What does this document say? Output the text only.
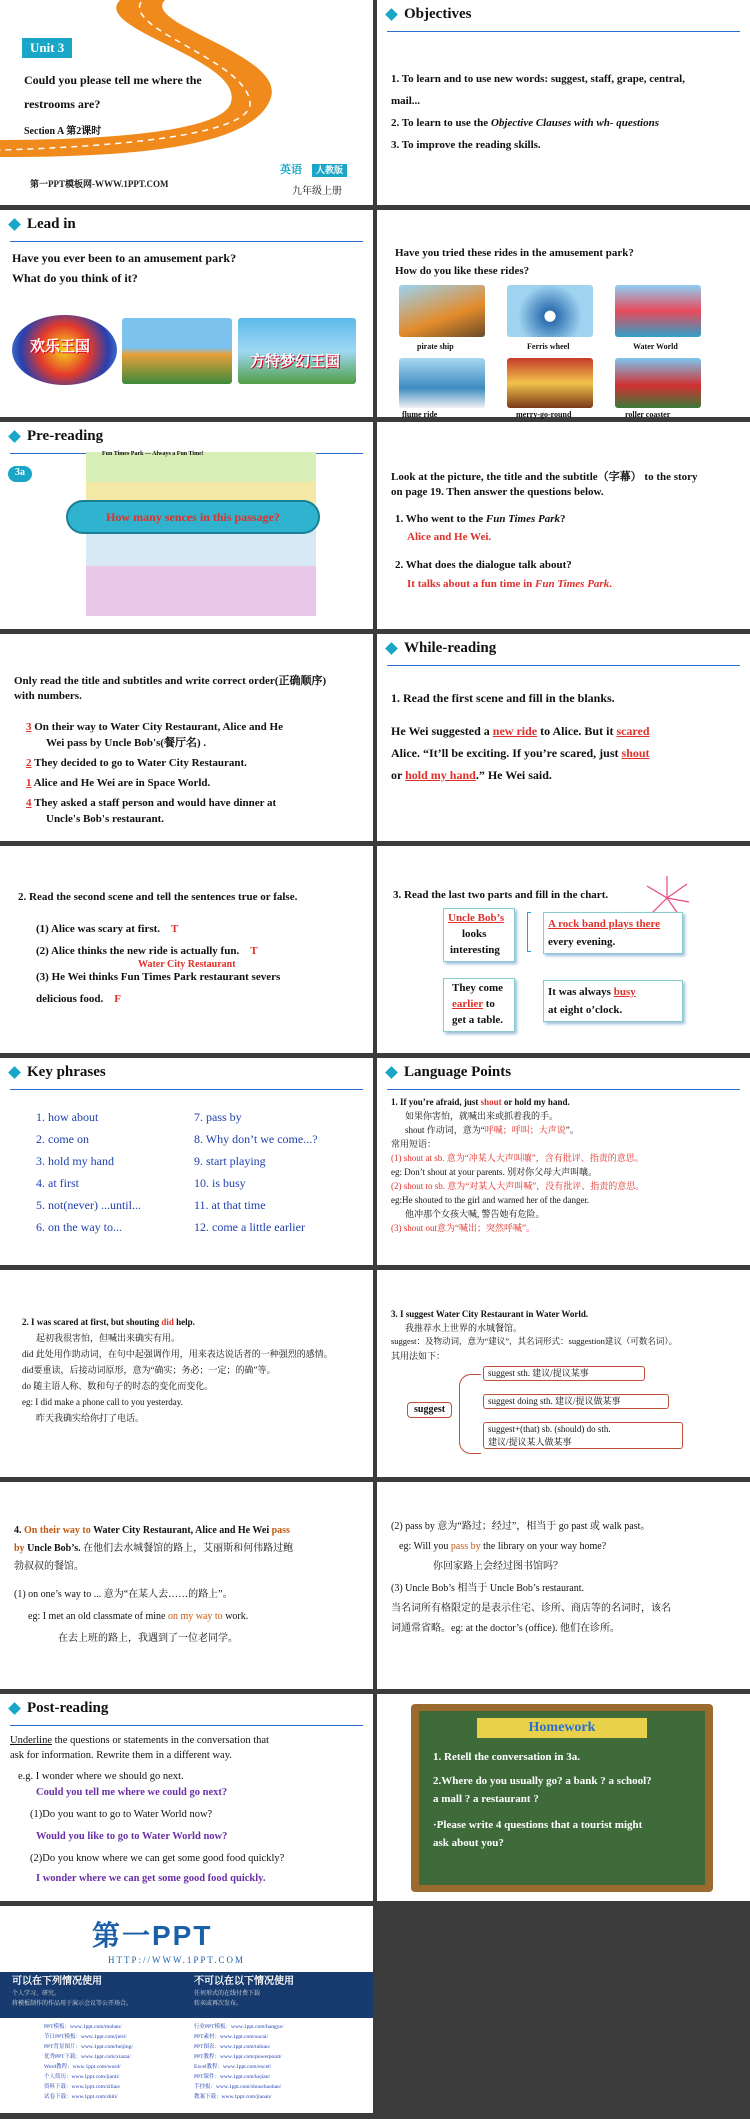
Unit 3
Could you please tell me where the
restrooms are?
Section A 第2课时
第一PPT模板网-WWW.1PPT.COM
英语	人教版
九年级上册
Objectives
1. To learn and to use new words: suggest, staff, grape, central,
mail...
2. To learn to use the Objective Clauses with wh- questions
3. To improve the reading skills.
Lead in
Have you ever been to an amusement park?
What do you think of it?
欢乐王国
方特梦幻王国
Have you tried these rides in the amusement park?
How do you like these rides?
pirate ship	Ferris wheel	Water World
flume ride	merry-go-round	roller coaster
Pre-reading
3a
Fun Times Park — Always a Fun Time!
How many sences in this passage?
Look at the picture, the title and the subtitle（字幕） to the story
on page 19. Then answer the questions below.
1. Who went to the Fun Times Park?
Alice and He Wei.
2. What does the dialogue talk about?
It talks about a fun time in Fun Times Park.
Only read the title and subtitles and write correct order(正确顺序)
with numbers.
3 On their way to Water City Restaurant, Alice and He
Wei pass by Uncle Bob's(餐厅名) .
2 They decided to go to Water City Restaurant.
1 Alice and He Wei are in Space World.
4 They asked a staff person and would have dinner at
Uncle's Bob's restaurant.
While-reading
1. Read the first scene and fill in the blanks.
He Wei suggested a new ride to Alice. But it scared
Alice. “It’ll be exciting. If you’re scared, just shout
or hold my hand.” He Wei said.
2. Read the second scene and tell the sentences true or false.
(1) Alice was scary at first. T
(2) Alice thinks the new ride is actually fun. T
Water City Restaurant
(3) He Wei thinks Fun Times Park restaurant severs
delicious food. F
3. Read the last two parts and fill in the chart.
Uncle Bob’s
looks
interesting
A rock band plays there
every evening.
They come
earlier to
get a table.
It was always busy
at eight o’clock.
Key phrases
1. how about
2. come on
3. hold my hand
4. at first
5. not(never) ...until...
6. on the way to...
7. pass by
8. Why don’t we come...?
9. start playing
10. is busy
11. at that time
12. come a little earlier
Language Points
1. If you’re afraid, just shout or hold my hand.
如果你害怕，就喊出来或抓着我的手。
shout 作动词，意为“呼喊；呼叫；大声说”。
常用短语：
(1) shout at sb. 意为“冲某人大声叫嚷”，含有批评、指责的意思。
eg: Don’t shout at your parents. 别对你父母大声叫嚷。
(2) shout to sb. 意为“对某人大声叫喊”，没有批评、指责的意思。
eg:He shouted to the girl and warned her of the danger.
他冲那个女孩大喊, 警告她有危险。
(3) shout out意为“喊出；突然呼喊”。
2. I was scared at first, but shouting did help.
起初我很害怕，但喊出来确实有用。
did 此处用作助动词，在句中起强调作用，用来表达说话者的一种强烈的感情。
did要重读，后接动词原形，意为“确实；务必；一定；的确”等。
do 随主语人称、数和句子的时态的变化而变化。
eg: I did make a phone call to you yesterday.
昨天我确实给你打了电话。
3. I suggest Water City Restaurant in Water World.
我推荐水上世界的水城餐馆。
suggest：及物动词，意为“建议”，其名词形式：suggestion建议（可数名词）。
其用法如下：
suggest
suggest sth. 建议/提议某事
suggest doing sth. 建议/提议做某事
suggest+(that) sb. (should) do sth.
建议/提议某人做某事
4. On their way to Water City Restaurant, Alice and He Wei pass
by Uncle Bob’s. 在他们去水城餐馆的路上，艾丽斯和何伟路过鲍
勃叔叔的餐馆。
(1) on one’s way to ... 意为“在某人去……的路上”。
eg: I met an old classmate of mine on my way to work.
在去上班的路上，我遇到了一位老同学。
(2) pass by 意为“路过；经过”，相当于 go past 或 walk past。
eg: Will you pass by the library on your way home?
你回家路上会经过图书馆吗？
(3) Uncle Bob’s 相当于 Uncle Bob’s restaurant.
当名词所有格限定的是表示住宅、诊所、商店等的名词时，该名
词通常省略。eg: at the doctor’s (office). 他们在诊所。
Post-reading
Underline the questions or statements in the conversation that
ask for information. Rewrite them in a different way.
e.g. I wonder where we should go next.
Could you tell me where we could go next?
(1)Do you want to go to Water World now?
Would you like to go to Water World now?
(2)Do you know where we can get some good food quickly?
I wonder where we can get some good food quickly.
Homework
1. Retell the conversation in 3a.
2.Where do you usually go? a bank ? a school?
a mall ? a restaurant ?
·Please write 4 questions that a tourist might
ask about you?
第一PPT
HTTP://WWW.1PPT.COM
可以在下列情况使用
个人学习、研究。
将模板制作的作品用于演示会议等公开场合。
不可以在以下情况使用
任何形式的在线付费下载
转卖或再次发布。
PPT模板：www.1ppt.com/moban/
节日PPT模板：www.1ppt.com/jieri/
PPT背景图片：www.1ppt.com/beijing/
优秀PPT下载：www.1ppt.com/xiazai/
Word教程：www.1ppt.com/word/
个人简历：www.1ppt.com/jianli/
资料下载：www.1ppt.com/ziliao/
试卷下载：www.1ppt.com/shiti/
行业PPT模板：www.1ppt.com/hangye/
PPT素材：www.1ppt.com/sucai/
PPT图表：www.1ppt.com/tubiao/
PPT教程：www.1ppt.com/powerpoint/
Excel教程：www.1ppt.com/excel/
PPT课件：www.1ppt.com/kejian/
手抄报：www.1ppt.com/shouchaobao/
教案下载：www.1ppt.com/jiaoan/
